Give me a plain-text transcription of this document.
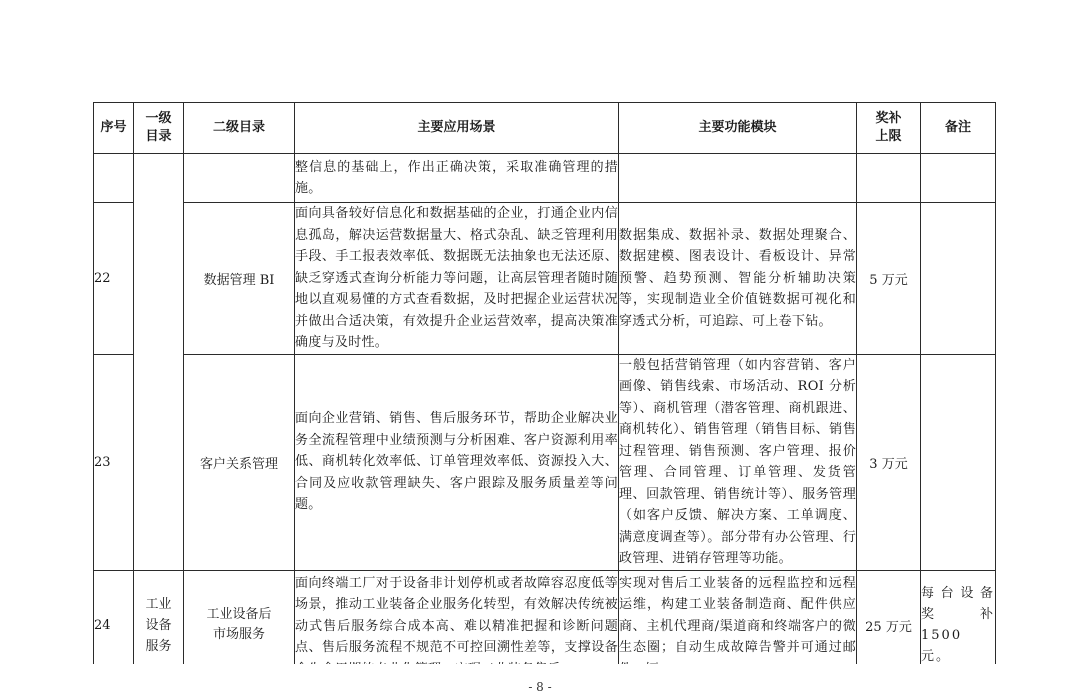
序号	一级目录	二级目录	主要应用场景	主要功能模块	奖补上限	备注
			整信息的基础上，作出正确决策，采取准确管理的措施。			
22		数据管理 BI	面向具备较好信息化和数据基础的企业，打通企业内信息孤岛，解决运营数据量大、格式杂乱、缺乏管理利用手段、手工报表效率低、数据既无法抽象也无法还原、缺乏穿透式查询分析能力等问题，让高层管理者随时随地以直观易懂的方式查看数据，及时把握企业运营状况并做出合适决策，有效提升企业运营效率，提高决策准确度与及时性。	数据集成、数据补录、数据处理聚合、数据建模、图表设计、看板设计、异常预警、趋势预测、智能分析辅助决策等，实现制造业全价值链数据可视化和穿透式分析，可追踪、可上卷下钻。	5 万元	
23		客户关系管理	面向企业营销、销售、售后服务环节，帮助企业解决业务全流程管理中业绩预测与分析困难、客户资源利用率低、商机转化效率低、订单管理效率低、资源投入大、合同及应收款管理缺失、客户跟踪及服务质量差等问题。	一般包括营销管理（如内容营销、客户画像、销售线索、市场活动、ROI 分析等）、商机管理（潜客管理、商机跟进、商机转化）、销售管理（销售目标、销售过程管理、销售预测、客户管理、报价管理、合同管理、订单管理、发货管理、回款管理、销售统计等）、服务管理（如客户反馈、解决方案、工单调度、满意度调查等）。部分带有办公管理、行政管理、进销存管理等功能。	3 万元	
24	工业设备服务	工业设备后市场服务	面向终端工厂对于设备非计划停机或者故障容忍度低等场景，推动工业装备企业服务化转型，有效解决传统被动式售后服务综合成本高、难以精准把握和诊断问题点、售后服务流程不规范不可控回溯性差等，支撑设备	实现对售后工业装备的远程监控和远程运维，构建工业装备制造商、配件供应商、主机代理商/渠道商和终端客户的微生态圈；自动生成故障告警并可通过邮	25 万元	每台设备奖补 1500 元。
- 8 -
